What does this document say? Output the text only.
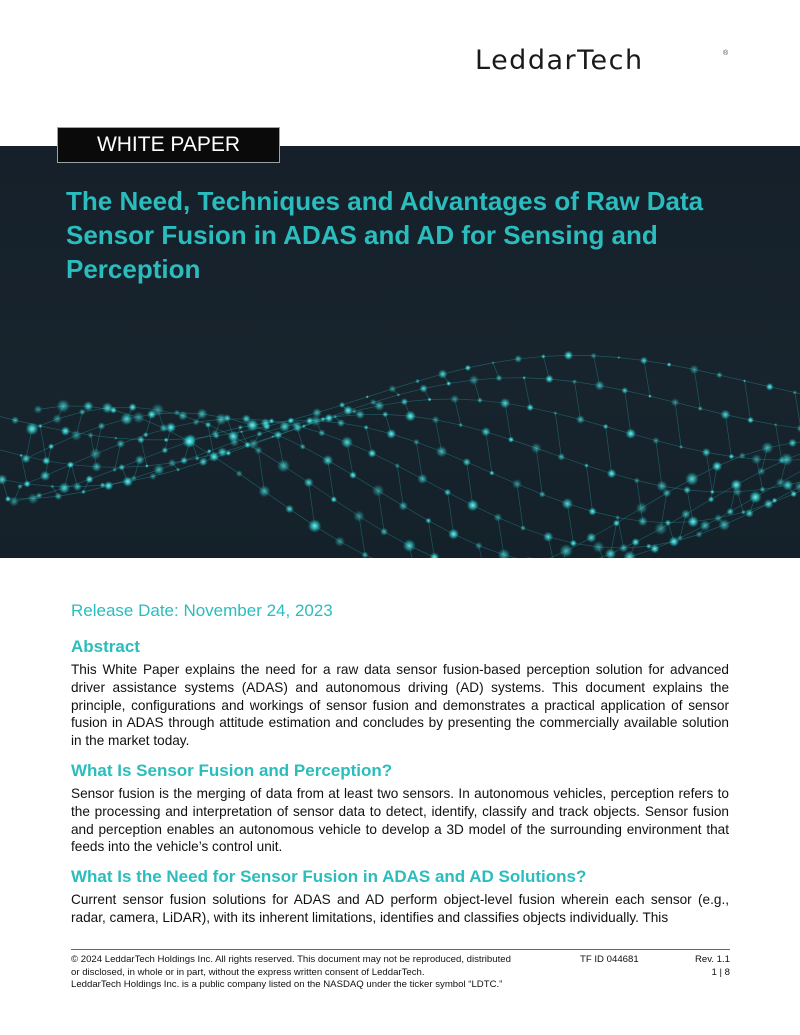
LeddarTech	®
WHITE PAPER
The Need, Techniques and Advantages of Raw Data Sensor Fusion in ADAS and AD for Sensing and Perception
Release Date: November 24, 2023
Abstract

This White Paper explains the need for a raw data sensor fusion-based perception solution for advanced driver assistance systems (ADAS) and autonomous driving (AD) systems. This document explains the principle, configurations and workings of sensor fusion and demonstrates a practical application of sensor fusion in ADAS through attitude estimation and concludes by presenting the commercially available solution in the market today.

What Is Sensor Fusion and Perception?

Sensor fusion is the merging of data from at least two sensors. In autonomous vehicles, perception refers to the processing and interpretation of sensor data to detect, identify, classify and track objects. Sensor fusion and perception enables an autonomous vehicle to develop a 3D model of the surrounding environment that feeds into the vehicle’s control unit.

What Is the Need for Sensor Fusion in ADAS and AD Solutions?

Current sensor fusion solutions for ADAS and AD perform object-level fusion wherein each sensor (e.g., radar, camera, LiDAR), with its inherent limitations, identifies and classifies objects individually. This

© 2024 LeddarTech Holdings Inc. All rights reserved. This document may not be reproduced, distributed
or disclosed, in whole or in part, without the express written consent of LeddarTech.
LeddarTech Holdings Inc. is a public company listed on the NASDAQ under the ticker symbol “LDTC.”
TF ID 044681	Rev. 1.1
1 | 8
